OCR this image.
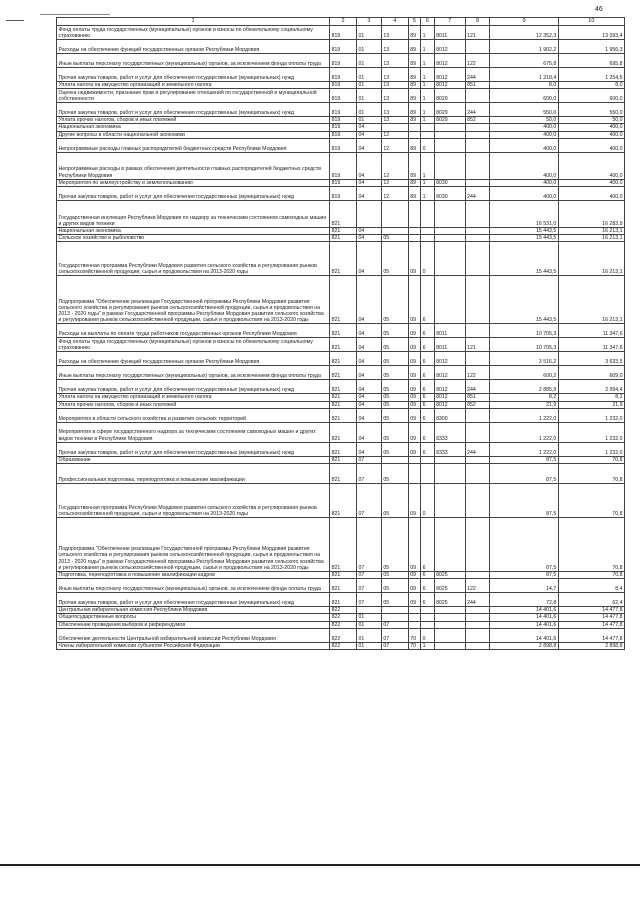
46
1	2	3	4	5	6	7	8	9	10
Фонд оплаты труда государственных (муниципальных) органов и взносы по обязательному социальному страхованию	819	01	13	89	1	8011	121	12 352,3	13 093,4
Расходы на обеспечение функций государственных органов Республики Мордовия	819	01	13	89	1	8012		1 902,2	1 956,3
Иные выплаты персоналу государственных (муниципальных) органов, за исключением фонда оплаты труда	819	01	13	89	1	8012	122	675,8	695,8
Прочая закупка товаров, работ и услуг для обеспечения государственных (муниципальных) нужд	819	01	13	89	1	8012	244	1 218,4	1 254,5
Уплата налога на имущество организаций и земельного налога	819	01	13	89	1	8012	851	8,0	8,0
Оценка недвижимости, признание прав и регулирование отношений по государственной и муниципальной собственности	819	01	13	89	1	8029		600,0	600,0
Прочая закупка товаров, работ и услуг для обеспечения государственных (муниципальных) нужд	819	01	13	89	1	8029	244	550,0	550,0
Уплата прочих налогов, сборов и иных платежей	819	01	13	89	1	8029	852	50,0	50,0
Национальная экономика	819	04						400,0	400,0
Другие вопросы в области национальной экономики	819	04	12					400,0	400,0
Непрограммные расходы главных распорядителей бюджетных средств Республики Мордовия	819	04	12	89	0			400,0	400,0
Непрограммные расходы в рамках обеспечения деятельности главных распорядителей бюджетных средств Республики Мордовия	819	04	12	89	1			400,0	400,0
Мероприятия по землеустройству и землепользованию	819	04	12	89	1	8030		400,0	400,0
Прочая закупка товаров, работ и услуг для обеспечения государственных (муниципальных) нужд	819	04	12	89	1	8030	244	400,0	400,0
Государственная инспекция Республики Мордовия по надзору за техническим состоянием самоходных машин и других видов техники	821							16 531,0	16 283,9
Национальная экономика	821	04						15 443,5	16 213,1
Сельское хозяйство и рыболовство	821	04	05					15 443,5	16 213,1
Государственная программа Республики Мордовия развития сельского хозяйства и регулирования рынков сельскохозяйственной продукции, сырья и продовольствия на 2013-2020 годы	821	04	05	09	0			15 443,5	16 213,1
Подпрограмма "Обеспечение реализации Государственной программы Республики Мордовия развития сельского хозяйства и регулирования рынков сельскохозяйственной продукции, сырья и продовольствия на 2013 - 2020 годы" в рамках Государственной программы Республики Мордовия развития сельского хозяйства и регулирования рынков сельскохозяйственной продукции, сырья и продовольствия на 2013-2020 годы	821	04	05	09	6			15 443,5	16 213,1
Расходы на выплаты по оплате труда работников государственных органов Республики Мордовия	821	04	05	09	6	8011		10 705,3	11 347,6
Фонд оплаты труда государственных (муниципальных) органов и взносы по обязательному социальному страхованию	821	04	05	09	6	8011	121	10 705,3	11 347,6
Расходы на обеспечение функций государственных органов Республики Мордовия	821	04	05	09	6	8012		3 516,2	3 633,5
Иные выплаты персоналу государственных (муниципальных) органов, за исключением фонда оплаты труда	821	04	05	09	6	8012	122	600,2	609,0
Прочая закупка товаров, работ и услуг для обеспечения государственных (муниципальных) нужд	821	04	05	09	6	8012	244	2 885,9	2 994,4
Уплата налога на имущество организаций и земельного налога	821	04	05	09	6	8012	851	8,2	8,2
Уплата прочих налогов, сборов и иных платежей	821	04	05	09	6	8012	852	21,9	21,9
Мероприятия в области сельского хозяйства и развития сельских территорий	821	04	05	09	6	8300		1 222,0	1 232,0
Мероприятия в сфере государственного надзора за техническим состоянием самоходных машин и других видов техники в Республике Мордовия	821	04	05	09	6	8333		1 222,0	1 232,0
Прочая закупка товаров, работ и услуг для обеспечения государственных (муниципальных) нужд	821	04	05	09	6	8333	244	1 222,0	1 232,0
Образование	821	07						87,5	70,8
Профессиональная подготовка, переподготовка и повышение квалификации	821	07	05					87,5	70,8
Государственная программа Республики Мордовия развития сельского хозяйства и регулирования рынков сельскохозяйственной продукции, сырья и продовольствия на 2013-2020 годы	821	07	05	09	0			87,5	70,8
Подпрограмма "Обеспечение реализации Государственной программы Республики Мордовия развития сельского хозяйства и регулирования рынков сельскохозяйственной продукции, сырья и продовольствия на 2013 - 2020 годы" в рамках Государственной программы Республики Мордовия развития сельского хозяйства и регулирования рынков сельскохозяйственной продукции, сырья и продовольствия на 2013-2020 годы	821	07	05	09	6			87,5	70,8
Подготовка, переподготовка и повышение квалификации кадров	821	07	05	09	6	8025		87,5	70,8
Иные выплаты персоналу государственных (муниципальных) органов, за исключением фонда оплаты труда	821	07	05	09	6	8025	122	14,7	8,4
Прочая закупка товаров, работ и услуг для обеспечения государственных (муниципальных) нужд	821	07	05	09	6	8025	244	72,8	62,4
Центральная избирательная комиссия Республики Мордовия	822							14 401,6	14 477,8
Общегосударственные вопросы	822	01						14 401,6	14 477,8
Обеспечение проведения выборов и референдумов	822	01	07					14 401,6	14 477,8
Обеспечение деятельности Центральной избирательной комиссии Республики Мордовия	822	01	07	70	0			14 401,6	14 477,8
Члены избирательной комиссии субъектов Российской Федерации	822	01	07	70	1			2 898,8	2 898,8
